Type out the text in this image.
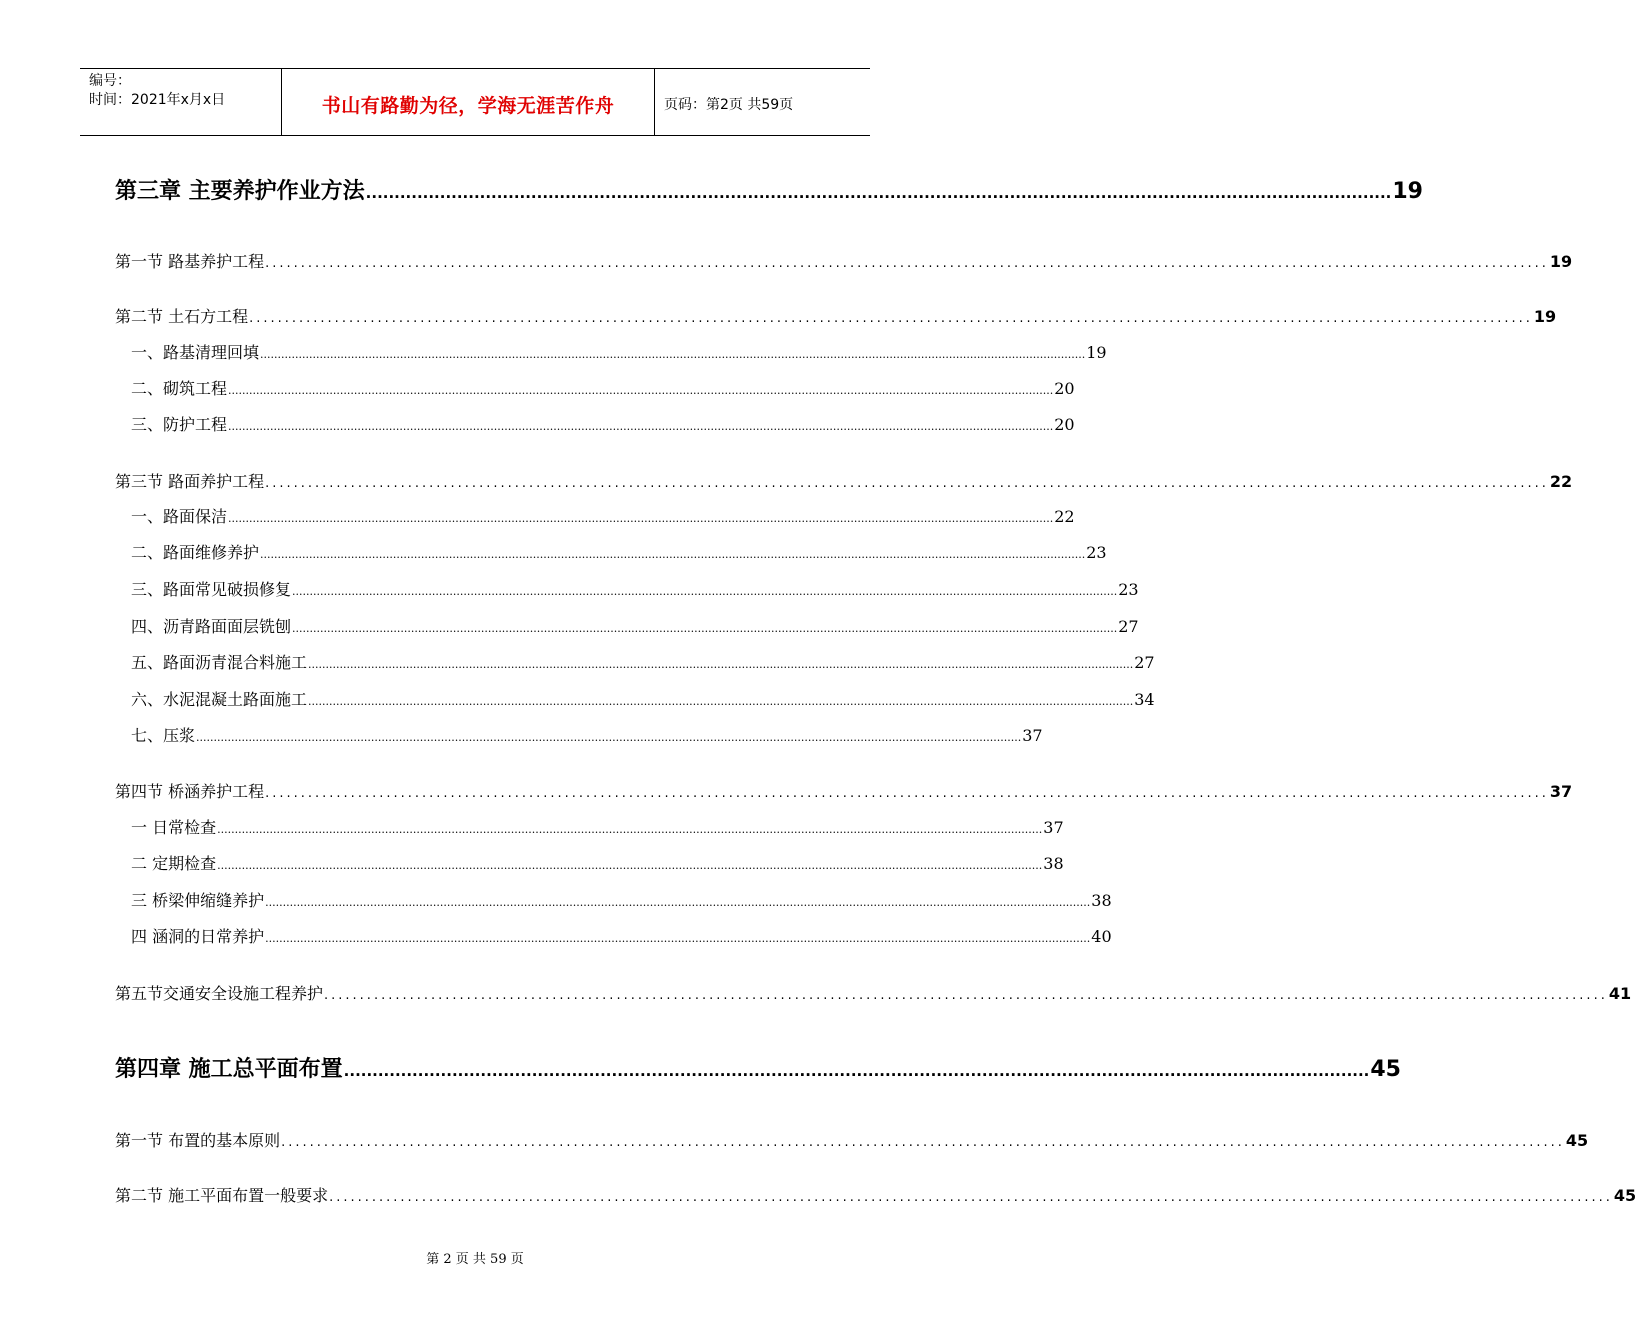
编号：
时间：2021年x月x日	书山有路勤为径，学海无涯苦作舟	页码：第2页 共59页
第三章 主要养护作业方法 .................................................................................................................................................................................... 19
第一节 路基养护工程 .................................................................................................................................................................................... 19
第二节 土石方工程 .................................................................................................................................................................................... 19
一、路基清理回填 ............................................................................................................................................................................................................................................ 19
二、砌筑工程 ............................................................................................................................................................................................................................................ 20
三、防护工程 ............................................................................................................................................................................................................................................ 20
第三节 路面养护工程 .................................................................................................................................................................................... 22
一、路面保洁 ............................................................................................................................................................................................................................................ 22
二、路面维修养护 ............................................................................................................................................................................................................................................ 23
三、路面常见破损修复 ............................................................................................................................................................................................................................................ 23
四、沥青路面面层铣刨 ............................................................................................................................................................................................................................................ 27
五、路面沥青混合料施工 ............................................................................................................................................................................................................................................ 27
六、水泥混凝土路面施工 ............................................................................................................................................................................................................................................ 34
七、压浆 ............................................................................................................................................................................................................................................ 37
第四节 桥涵养护工程 .................................................................................................................................................................................... 37
一 日常检查 ............................................................................................................................................................................................................................................ 37
二 定期检查 ............................................................................................................................................................................................................................................ 38
三 桥梁伸缩缝养护 ............................................................................................................................................................................................................................................ 38
四 涵洞的日常养护 ............................................................................................................................................................................................................................................ 40
第五节交通安全设施工程养护 .................................................................................................................................................................................... 41
第四章 施工总平面布置 .................................................................................................................................................................................... 45
第一节 布置的基本原则 .................................................................................................................................................................................... 45
第二节 施工平面布置一般要求 .................................................................................................................................................................................... 45
第 2 页 共 59 页
